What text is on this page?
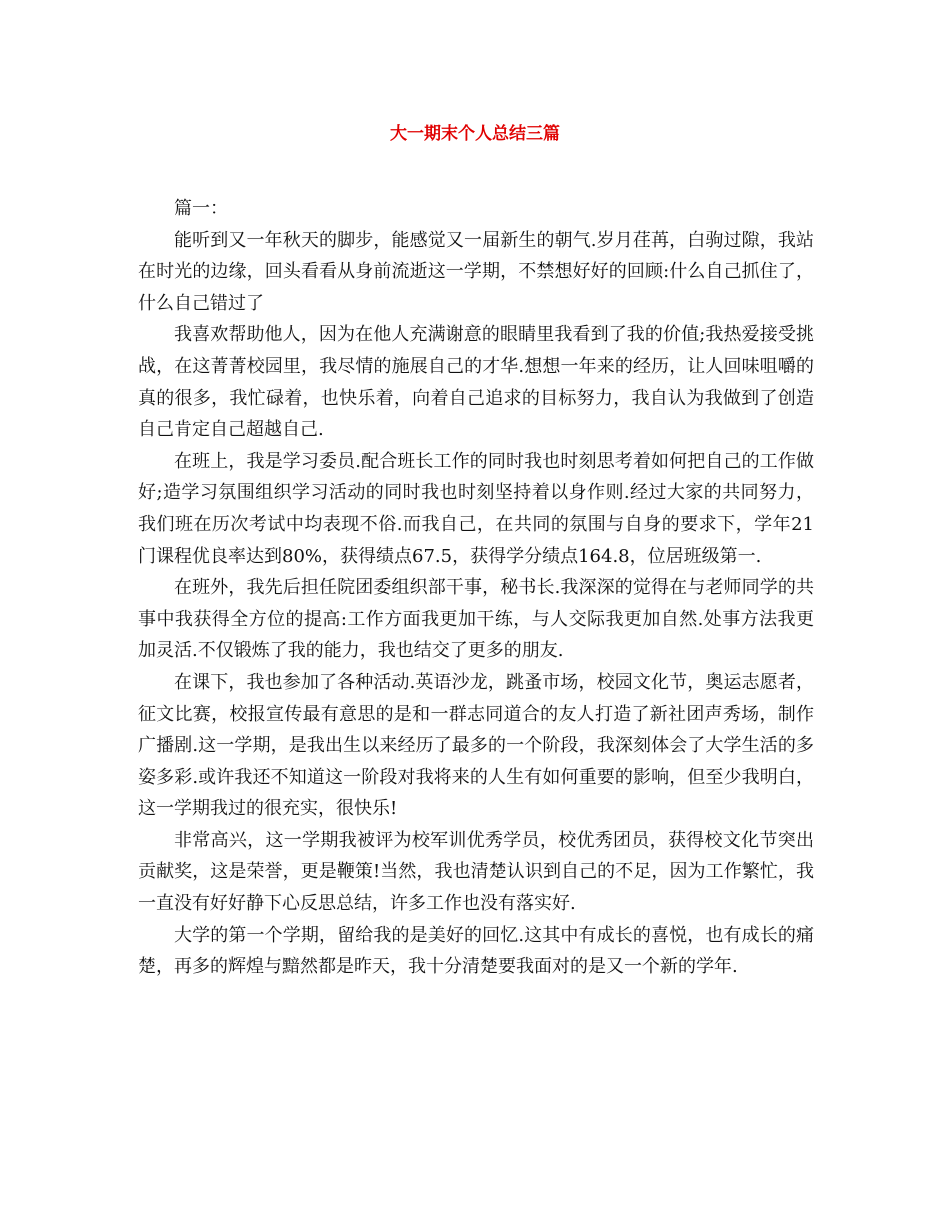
大一期末个人总结三篇

篇一：

能听到又一年秋天的脚步，能感觉又一届新生的朝气.岁月荏苒，白驹过隙，我站在时光的边缘，回头看看从身前流逝这一学期，不禁想好好的回顾:什么自己抓住了，什么自己错过了

我喜欢帮助他人，因为在他人充满谢意的眼睛里我看到了我的价值;我热爱接受挑战，在这菁菁校园里，我尽情的施展自己的才华.想想一年来的经历，让人回味咀嚼的真的很多，我忙碌着，也快乐着，向着自己追求的目标努力，我自认为我做到了创造自己肯定自己超越自己.

在班上，我是学习委员.配合班长工作的同时我也时刻思考着如何把自己的工作做好;造学习氛围组织学习活动的同时我也时刻坚持着以身作则.经过大家的共同努力，我们班在历次考试中均表现不俗.而我自己，在共同的氛围与自身的要求下，学年21门课程优良率达到80%，获得绩点67.5，获得学分绩点164.8，位居班级第一.

在班外，我先后担任院团委组织部干事，秘书长.我深深的觉得在与老师同学的共事中我获得全方位的提高:工作方面我更加干练，与人交际我更加自然.处事方法我更加灵活.不仅锻炼了我的能力，我也结交了更多的朋友.

在课下，我也参加了各种活动.英语沙龙，跳蚤市场，校园文化节，奥运志愿者，征文比赛，校报宣传最有意思的是和一群志同道合的友人打造了新社团声秀场，制作广播剧.这一学期，是我出生以来经历了最多的一个阶段，我深刻体会了大学生活的多姿多彩.或许我还不知道这一阶段对我将来的人生有如何重要的影响，但至少我明白，这一学期我过的很充实，很快乐!

非常高兴，这一学期我被评为校军训优秀学员，校优秀团员，获得校文化节突出贡献奖，这是荣誉，更是鞭策!当然，我也清楚认识到自己的不足，因为工作繁忙，我一直没有好好静下心反思总结，许多工作也没有落实好.

大学的第一个学期，留给我的是美好的回忆.这其中有成长的喜悦，也有成长的痛楚，再多的辉煌与黯然都是昨天，我十分清楚要我面对的是又一个新的学年.
